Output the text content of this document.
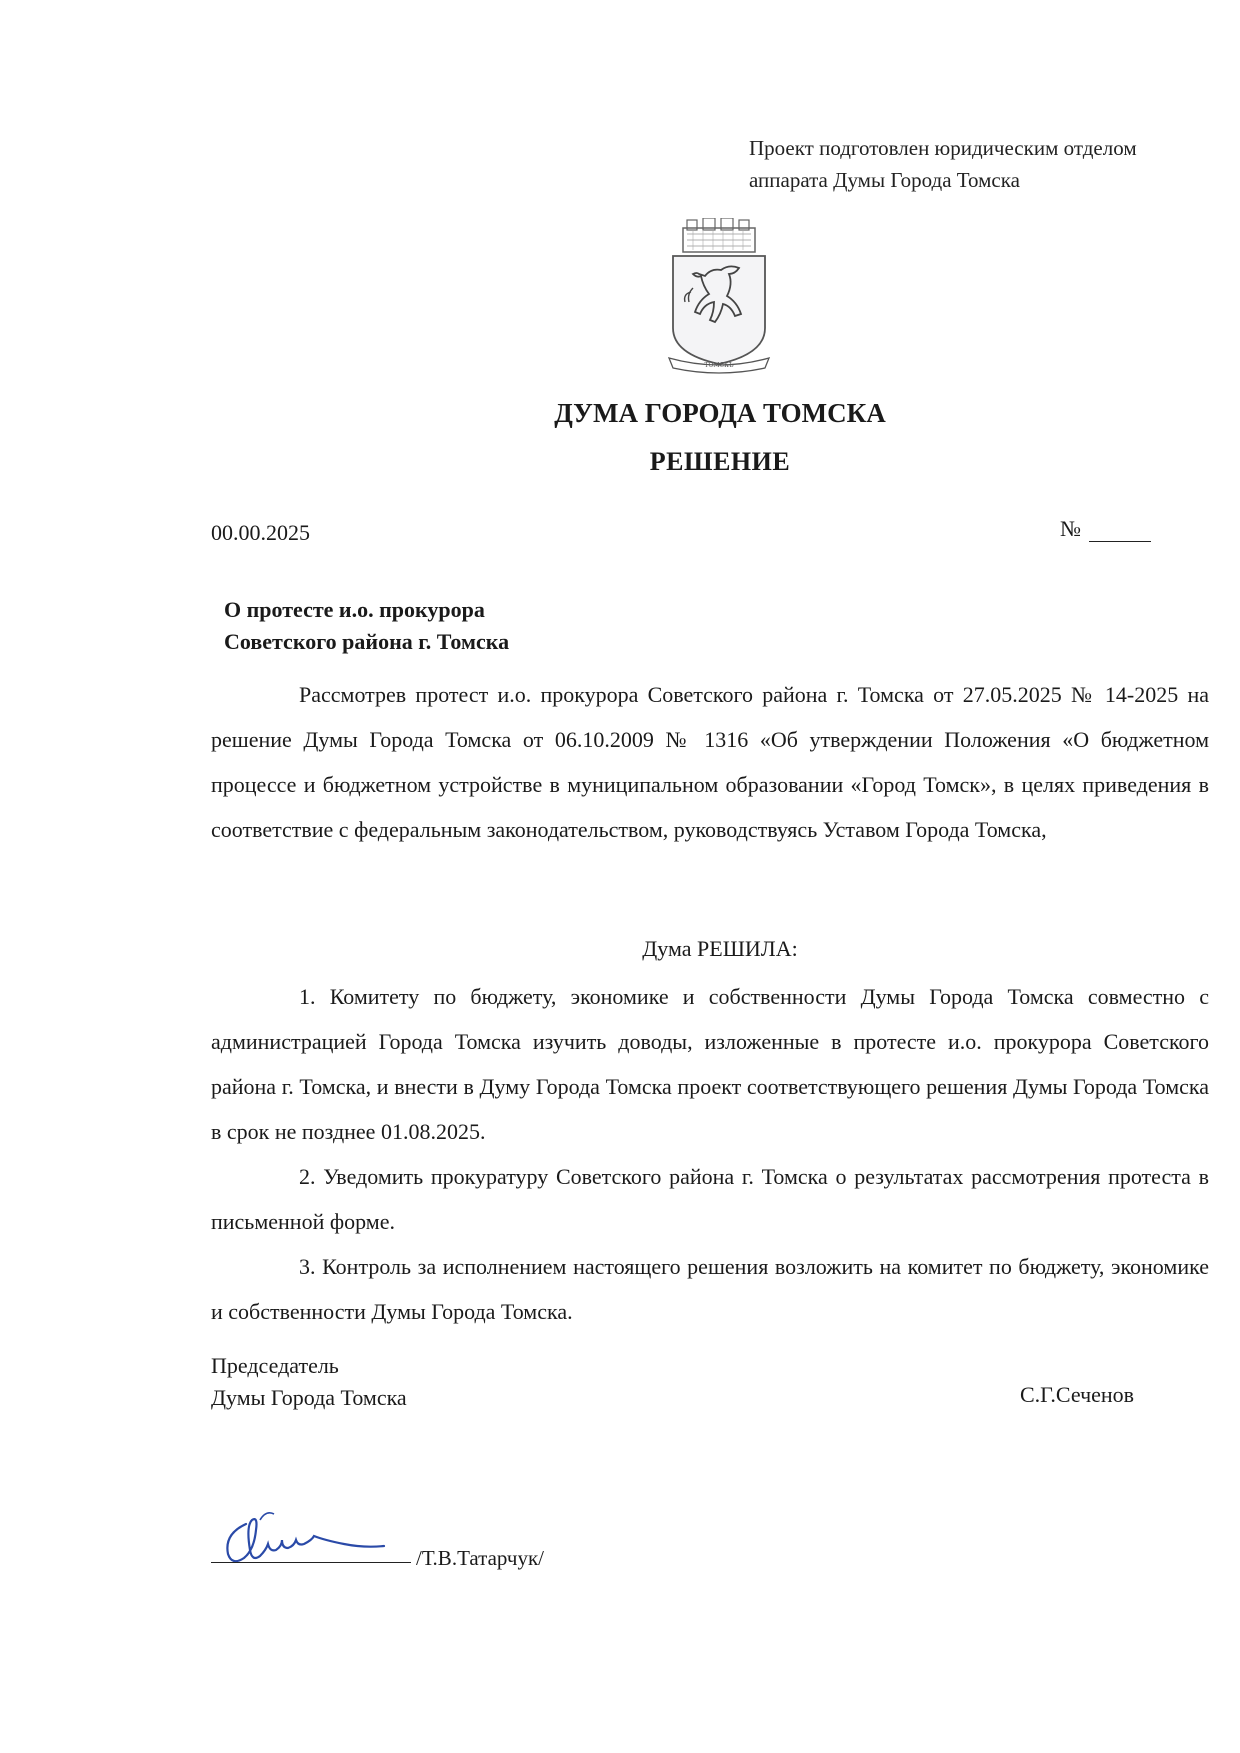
Проект подготовлен юридическим отделом
аппарата Думы Города Томска
ТОМСКЪ
ДУМА ГОРОДА ТОМСКА
РЕШЕНИЕ
00.00.2025	№
О протесте и.о. прокурора
Советского района г. Томска
Рассмотрев протест и.о. прокурора Советского района г. Томска от 27.05.2025 № 14-2025 на решение Думы Города Томска от 06.10.2009 № 1316 «Об утверждении Положения «О бюджетном процессе и бюджетном устройстве в муниципальном образовании «Город Томск», в целях приведения в соответствие с федеральным законодательством, руководствуясь Уставом Города Томска,
Дума РЕШИЛА:

1. Комитету по бюджету, экономике и собственности Думы Города Томска совместно с администрацией Города Томска изучить доводы, изложенные в протесте и.о. прокурора Советского района г. Томска, и внести в Думу Города Томска проект соответствующего решения Думы Города Томска в срок не позднее 01.08.2025.

2. Уведомить прокуратуру Советского района г. Томска о результатах рассмотрения протеста в письменной форме.

3. Контроль за исполнением настоящего решения возложить на комитет по бюджету, экономике и собственности Думы Города Томска.

Председатель
Думы Города Томска	С.Г.Сеченов
/Т.В.Татарчук/
